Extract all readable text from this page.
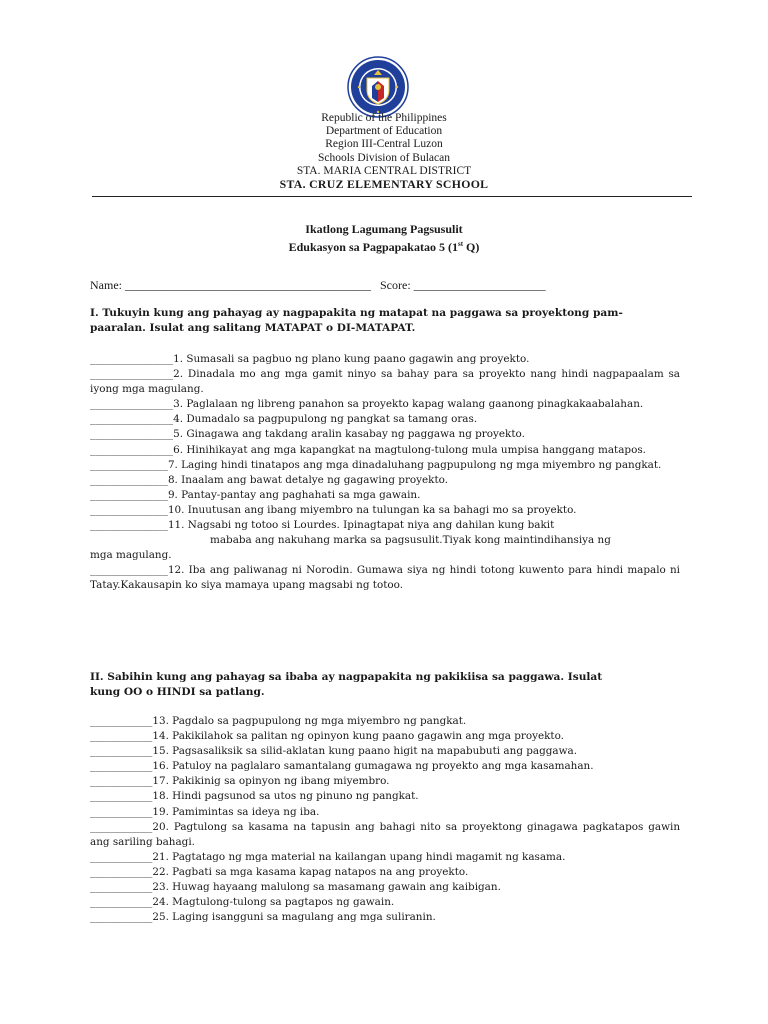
Republic of the Philippines
Department of Education
Region III-Central Luzon
Schools Division of Bulacan
STA. MARIA CENTRAL DISTRICT
STA. CRUZ ELEMENTARY SCHOOL
Ikatlong Lagumang Pagsusulit
Edukasyon sa Pagpapakatao 5 (1st Q)
Name: _________________________________________ Score: ______________________
I. Tukuyin kung ang pahayag ay nagpapakita ng matapat na paggawa sa proyektong pam-
paaralan. Isulat ang salitang MATAPAT o DI-MATAPAT.
________________1. Sumasali sa pagbuo ng plano kung paano gagawin ang proyekto.
________________2. Dinadala mo ang mga gamit ninyo sa bahay para sa proyekto nang hindi nagpapaalam sa iyong mga magulang.
________________3. Paglalaan ng libreng panahon sa proyekto kapag walang gaanong pinagkakaabalahan.
________________4. Dumadalo sa pagpupulong ng pangkat sa tamang oras.
________________5. Ginagawa ang takdang aralin kasabay ng paggawa ng proyekto.
________________6. Hinihikayat ang mga kapangkat na magtulong-tulong mula umpisa hanggang matapos.
_______________7. Laging hindi tinatapos ang mga dinadaluhang pagpupulong ng mga miyembro ng pangkat.
_______________8. Inaalam ang bawat detalye ng gagawing proyekto.
_______________9. Pantay-pantay ang paghahati sa mga gawain.
_______________10. Inuutusan ang ibang miyembro na tulungan ka sa bahagi mo sa proyekto.
_______________11. Nagsabi ng totoo si Lourdes. Ipinagtapat niya ang dahilan kung bakit
mababa ang nakuhang marka sa pagsusulit.Tiyak kong maintindihansiya ng
mga magulang.
_______________12. Iba ang paliwanag ni Norodin. Gumawa siya ng hindi totong kuwento para hindi mapalo ni Tatay.Kakausapin ko siya mamaya upang magsabi ng totoo.
II. Sabihin kung ang pahayag sa ibaba ay nagpapakita ng pakikiisa sa paggawa. Isulat
kung OO o HINDI sa patlang.
____________13. Pagdalo sa pagpupulong ng mga miyembro ng pangkat.
____________14. Pakikilahok sa palitan ng opinyon kung paano gagawin ang mga proyekto.
____________15. Pagsasaliksik sa silid-aklatan kung paano higit na mapabubuti ang paggawa.
____________16. Patuloy na paglalaro samantalang gumagawa ng proyekto ang mga kasamahan.
____________17. Pakikinig sa opinyon ng ibang miyembro.
____________18. Hindi pagsunod sa utos ng pinuno ng pangkat.
____________19. Pamimintas sa ideya ng iba.
____________20. Pagtulong sa kasama na tapusin ang bahagi nito sa proyektong ginagawa pagkatapos gawin ang sariling bahagi.
____________21. Pagtatago ng mga material na kailangan upang hindi magamit ng kasama.
____________22. Pagbati sa mga kasama kapag natapos na ang proyekto.
____________23. Huwag hayaang malulong sa masamang gawain ang kaibigan.
____________24. Magtulong-tulong sa pagtapos ng gawain.
____________25. Laging isangguni sa magulang ang mga suliranin.
